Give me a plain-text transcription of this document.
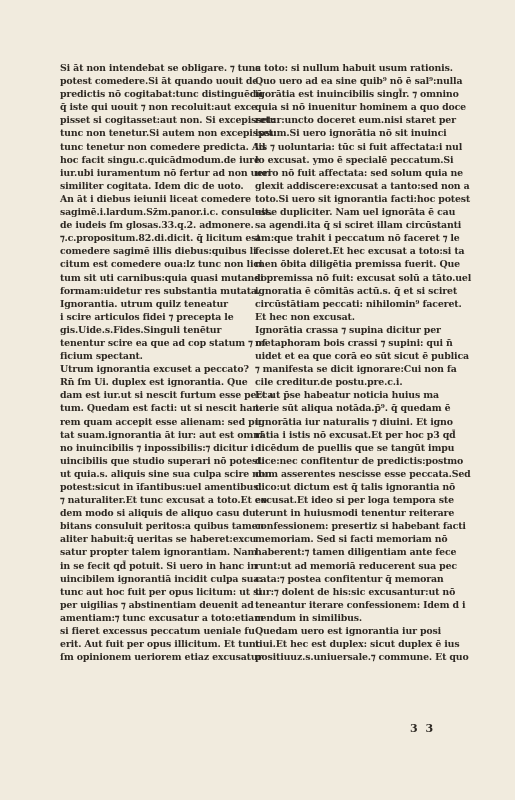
Si āt non intendebat se obligare. ⁊ tunc
potest comedere.Si āt quando uouit de
predictis nō cogitabat:tunc distinguēdū
q̄ iste qui uouit ⁊ non recoluit:aut exce
pisset si cogitasset:aut non. Si excepisset:
tunc non tenetur.Si autem non excepisset:
tunc tenetur non comedere predicta. Ad
hoc facit singu.c.quicādmodum.de iure
iur.ubi iuramentum nō fertur ad non ueri
similiter cogitata. Idem dic de uoto.
An āt i diebus ieiunii liceat comedere
sagimē.i.lardum.Sz̄m.panor.i.c. consuluit.
de iudeis ſm glosas.33.q.2. admonere.
⁊.c.propositum.82.di.dicit. q̄ licitum est
comedere sagimē illis diebus:quibus li
citum est comedere oua:lz tunc non lici
tum sit uti carnibus:quia quasi mutando
formam:uidetur res substantia mutata.
Ignorantia. utrum quilz teneatur
i scire articulos fidei ⁊ precepta le
gis.Uide.s.Fides.Singuli tenētur
tenentur scire ea que ad cop statum ⁊ of
ficium spectant.
Utrum ignorantia excuset a peccato?
Rn̄ ſm Ui. duplex est ignorantia. Que
dam est iur.ut si nescit furtum esse pecca
tum. Quedam est facti: ut si nescit hanc
rem quam accepit esse alienam: sed pu
tat suam.ignorantia āt iur: aut est omni
no inuincibilis ⁊ inpossibilis:⁊ dicitur i
uincibilis que studio superari nō potest:
ut quia.s. aliquis sine sua culpa scire non
potest:sicut in īfantibus:uel amentibus:
⁊ naturaliter.Et tunc excusat a toto.Et eo
dem modo si aliquis de aliquo casu du
bitans consuluit peritos:a quibus tamen
aliter habuit:q̄ ueritas se haberet:excu
satur propter talem ignorantiam. Nam
in se fecit qd̄ potuit. Si uero in hanc in
uincibilem ignorantiā incidit culpa sua:
tunc aut hoc fuit per opus licitum: ut si
per uigilias ⁊ abstinentiam deuenit ad
amentiam:⁊ tunc excusatur a toto:etiam
si fieret excessus peccatum ueniale fu
erit. Aut fuit per opus illicitum. Et tunc
ſm opinionem ueriorem etiaz excusatur
a toto: si nullum habuit usum rationis.
Quo uero ad ea sine quib⁹ nō ē sal⁹:nulla
igorātia est inuincibilis singl̄r. ⁊ omnino
quia si nō inuenitur hominem a quo doce
retur:uncto doceret eum.nisi staret per
ipsum.Si uero ignorātia nō sit inuinci
lis ⁊ uoluntaria: tūc si fuit affectata:i nul
lo excusat. ymo ē specialē peccatum.Si
uero nō fuit affectata: sed solum quia ne
glexit addiscere:excusat a tanto:sed non a
toto.Si uero sit ignorantia facti:hoc potest
esse dupliciter. Nam uel ignorāta ē cau
sa agendi.ita q̄ si sciret illam circūstanti
am:que trahit i peccatum nō faceret ⁊ le
fecisse doleret.Et hec excusat a toto:si ta
men ōbita diligētia premissa fuerit. Que
si premissa nō fuit: excusat solū a tāto.uel
ignoratia ē cōmitās actū.s. q̄ et si sciret
circūstātiam peccati: nihilomin⁹ faceret.
Et hec non excusat.
Ignorātia crassa ⁊ supina dicitur per
metaphoram bois crassi ⁊ supini: qui n̄
uidet et ea que corā eo sūt sicut ē publica
⁊ manifesta se dicit ignorare:Cui non fa
cile creditur.de postu.pre.c.i.
Et ut p̄se habeatur noticia huius ma
terie sūt aliqua notāda.p̄⁹. q̄ quedam ē
ignorātia iur naturalis ⁊ diuini. Et igno
rātia i istis nō excusat.Et per hoc p3 qd̄
dicēdum de puellis que se tangūt impu
dice:nec confitentur de predictis:postmo
dum asserentes nescisse esse peccata.Sed
dico:ut dictum est q̄ talis ignorantia nō
excusat.Et ideo si per loga tempora ste
terunt in huiusmodi tenentur reiterare
confessionem: presertiz si habebant facti
memoriam. Sed si facti memoriam nō
haberent:⁊ tamen diligentiam ante fece
runt:ut ad memoriā reducerent sua pec
cata:⁊ postea confitentur q̄ memoran
tur:⁊ dolent de his:sic excusantur:ut nō
teneantur iterare confessionem: Idem d i
cendum in similibus.
Quedam uero est ignorantia iur posi
tiui.Et hec est duplex: sicut duplex ē ius
positiuuz.s.uniuersale.⁊ commune. Et quo
3 3
